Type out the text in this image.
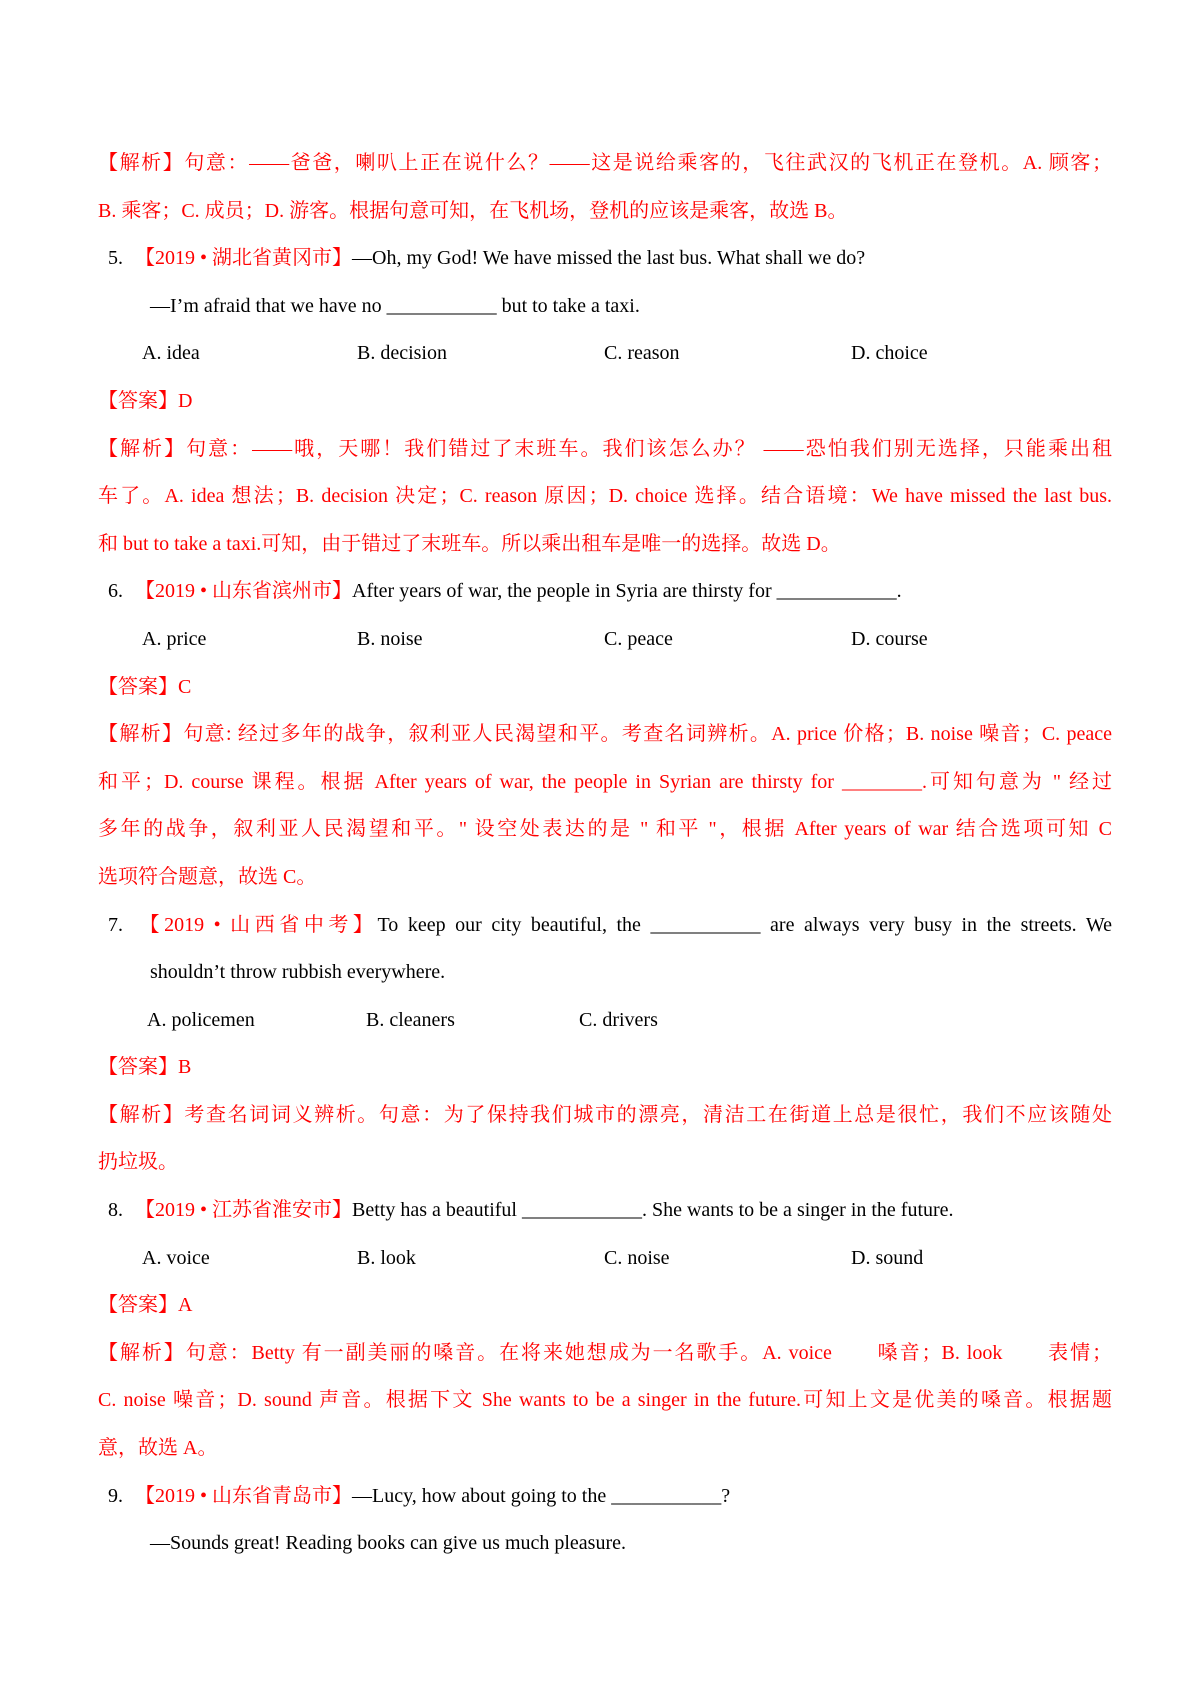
【解析】句意：——爸爸，喇叭上正在说什么？——这是说给乘客的，飞往武汉的飞机正在登机。A. 顾客；
B. 乘客；C. 成员；D. 游客。根据句意可知，在飞机场，登机的应该是乘客，故选 B。
5. 【2019 • 湖北省黄冈市】—Oh, my God! We have missed the last bus. What shall we do?
—I’m afraid that we have no ___________ but to take a taxi.
A. idea	B. decision	C. reason	D. choice
【答案】D
【解析】句意：——哦，天哪！我们错过了末班车。我们该怎么办？ ——恐怕我们别无选择，只能乘出租
车了。A. idea 想法；B. decision 决定；C. reason 原因；D. choice 选择。结合语境：We have missed the last bus.
和 but to take a taxi.可知，由于错过了末班车。所以乘出租车是唯一的选择。故选 D。
6. 【2019 • 山东省滨州市】After years of war, the people in Syria are thirsty for ____________.
A. price	B. noise	C. peace	D. course
【答案】C
【解析】句意: 经过多年的战争，叙利亚人民渴望和平。考查名词辨析。A. price 价格；B. noise 噪音；C. peace
和平；D. course 课程。根据 After years of war, the people in Syrian are thirsty for ________.可知句意为 " 经过
多年的战争，叙利亚人民渴望和平。" 设空处表达的是 " 和平 "，根据 After years of war 结合选项可知 C
选项符合题意，故选 C。
7. 【2019 • 山西省中考】To keep our city beautiful, the ___________ are always very busy in the streets. We
shouldn’t throw rubbish everywhere.
A. policemen	B. cleaners	C. drivers
【答案】B
【解析】考查名词词义辨析。句意：为了保持我们城市的漂亮，清洁工在街道上总是很忙，我们不应该随处
扔垃圾。
8. 【2019 • 江苏省淮安市】Betty has a beautiful ____________. She wants to be a singer in the future.
A. voice	B. look	C. noise	D. sound
【答案】A
【解析】句意：Betty 有一副美丽的嗓音。在将来她想成为一名歌手。A. voice　　嗓音；B. look　　表情；
C. noise 噪音；D. sound 声音。根据下文 She wants to be a singer in the future.可知上文是优美的嗓音。根据题
意，故选 A。
9. 【2019 • 山东省青岛市】—Lucy, how about going to the ___________?
—Sounds great! Reading books can give us much pleasure.
